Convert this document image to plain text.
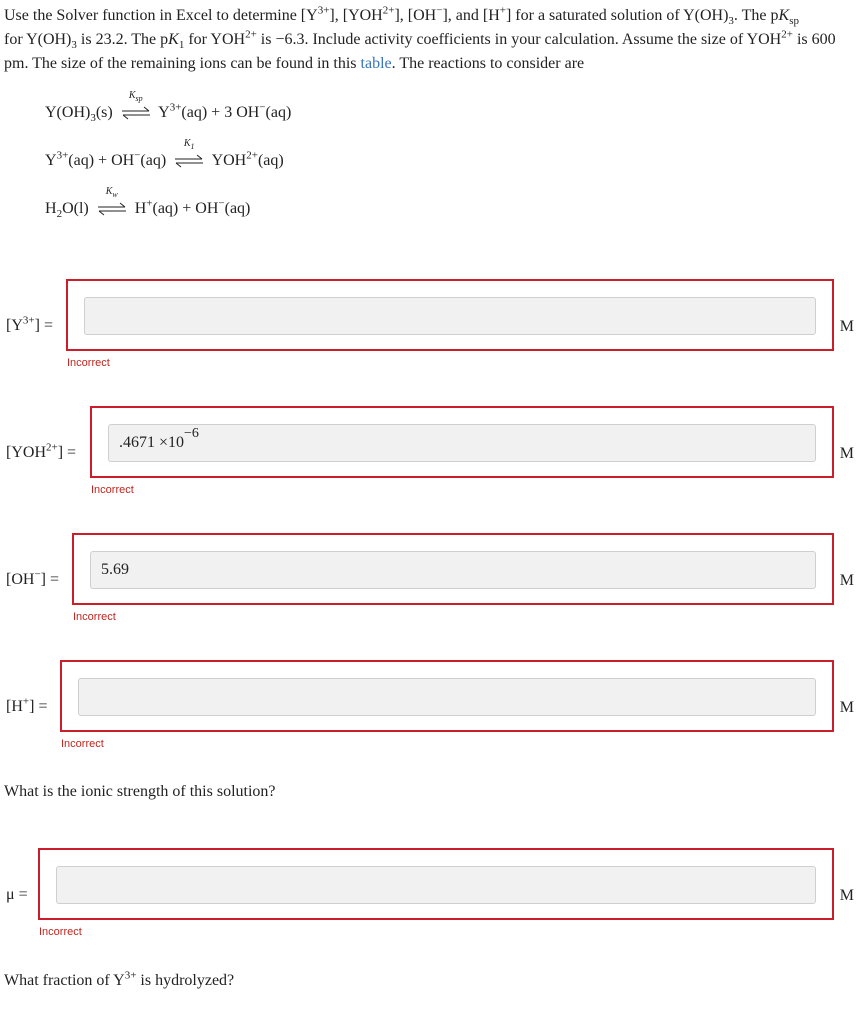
Use the Solver function in Excel to determine $[Y^{3+}]$, $[YOH^{2+}]$, [OH−], and [H+] for a saturated solution of $Y(OH)_3$. The $pK_{sp}$
for $Y(OH)_3$ is 23.2. The $pK_1$ for $YOH^{2+}$ is −6.3. Include activity coefficients in your calculation. Assume the size of $YOH^{2+}$ is 600 pm. The size of the remaining ions can be found in this table. The reactions to consider are
$Y(OH)_3(s)$
$K_{sp}$
$Y^{3+}(aq) + 3$ OH−(aq)
$Y^{3+}(aq) + OH^-(aq)$
$K_1$
$YOH^{2+}(aq)$
$H_2O(l)$
$K_w$
H+(aq) + OH−(aq)
$[Y^{3+}]$ =	M
Incorrect
$[YOH^{2+}]$ =
.4671 ×10−6
M
Incorrect
[OH−] =
5.69
M
Incorrect
[H+] =	M
Incorrect
What is the ionic strength of this solution?
μ =	M
Incorrect
What fraction of $Y^{3+}$ is hydrolyzed?
